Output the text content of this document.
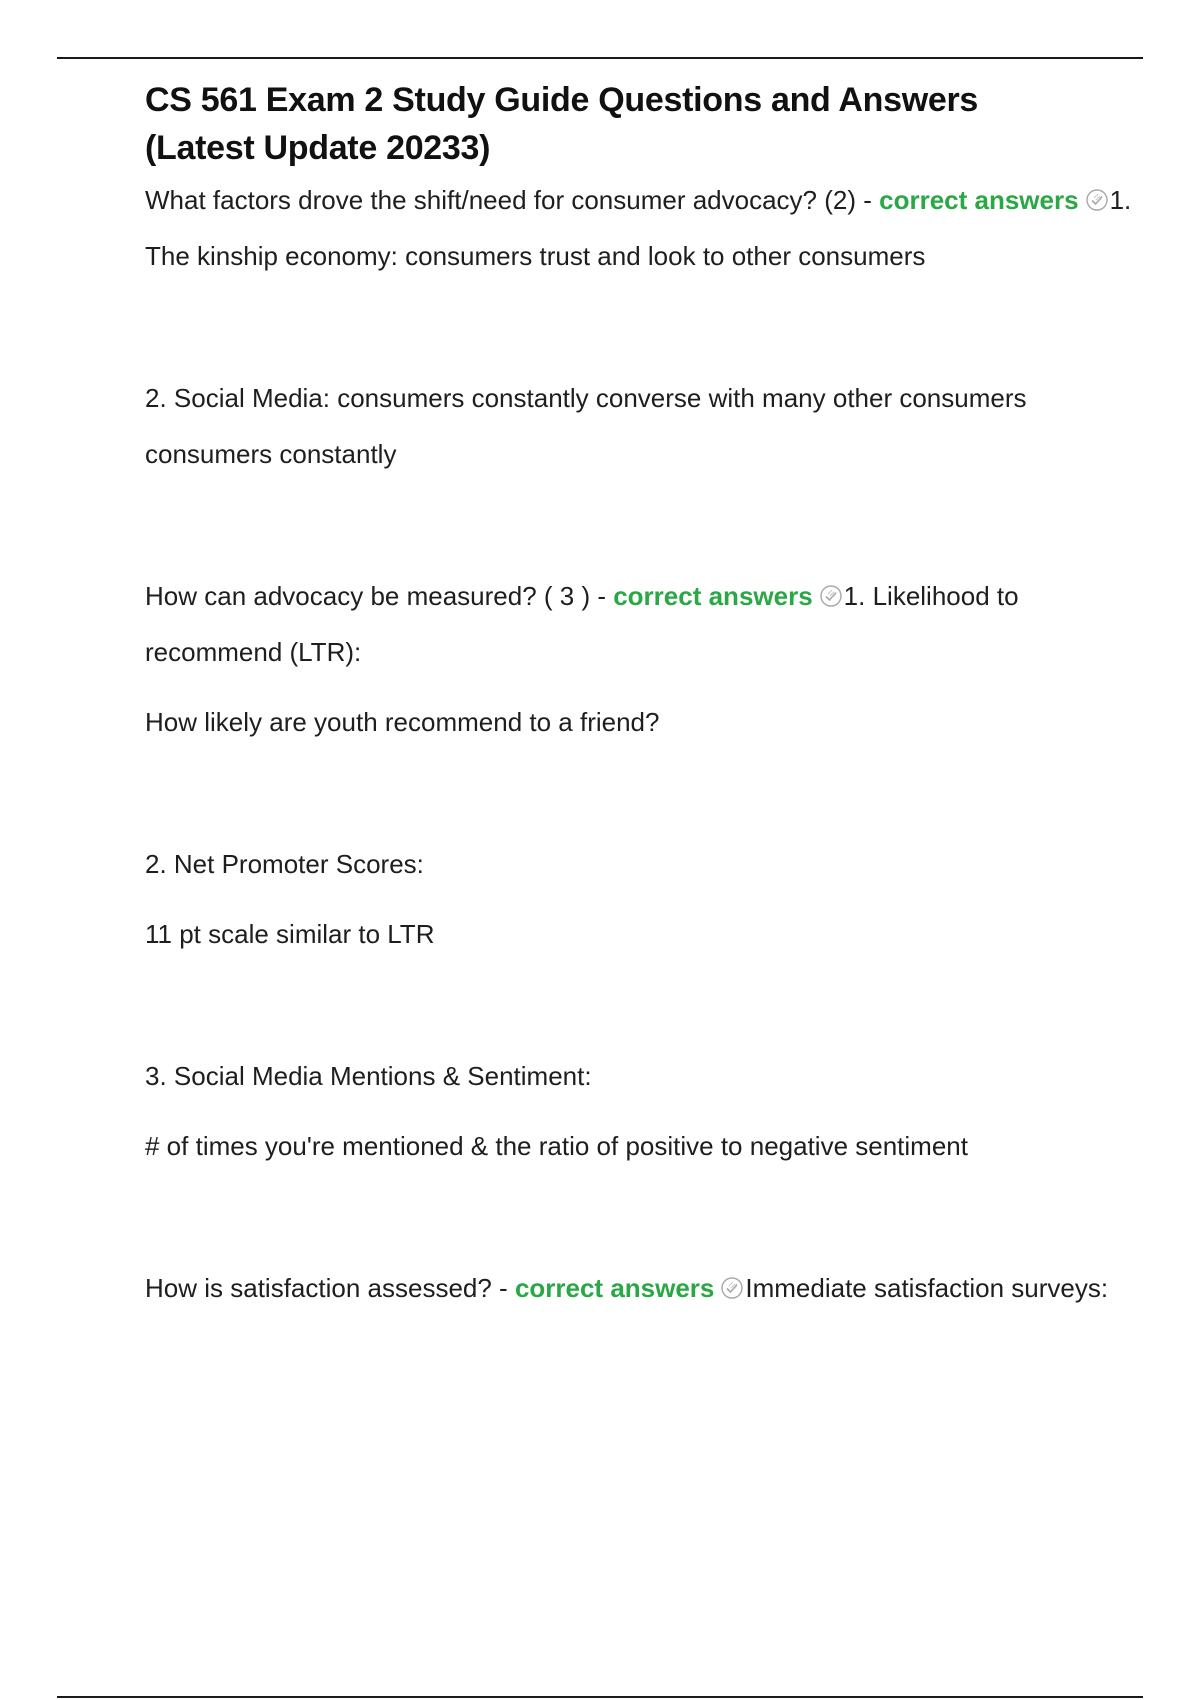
CS 561 Exam 2 Study Guide Questions and Answers
(Latest Update 20233)

What factors drove the shift/need for consumer advocacy? (2) - correct answers 1. The kinship economy: consumers trust and look to other consumers

2. Social Media: consumers constantly converse with many other consumers consumers constantly

How can advocacy be measured? ( 3 ) - correct answers 1. Likelihood to recommend (LTR):

How likely are youth recommend to a friend?

2. Net Promoter Scores:

11 pt scale similar to LTR

3. Social Media Mentions & Sentiment:

# of times you're mentioned & the ratio of positive to negative sentiment

How is satisfaction assessed? - correct answers Immediate satisfaction surveys:
